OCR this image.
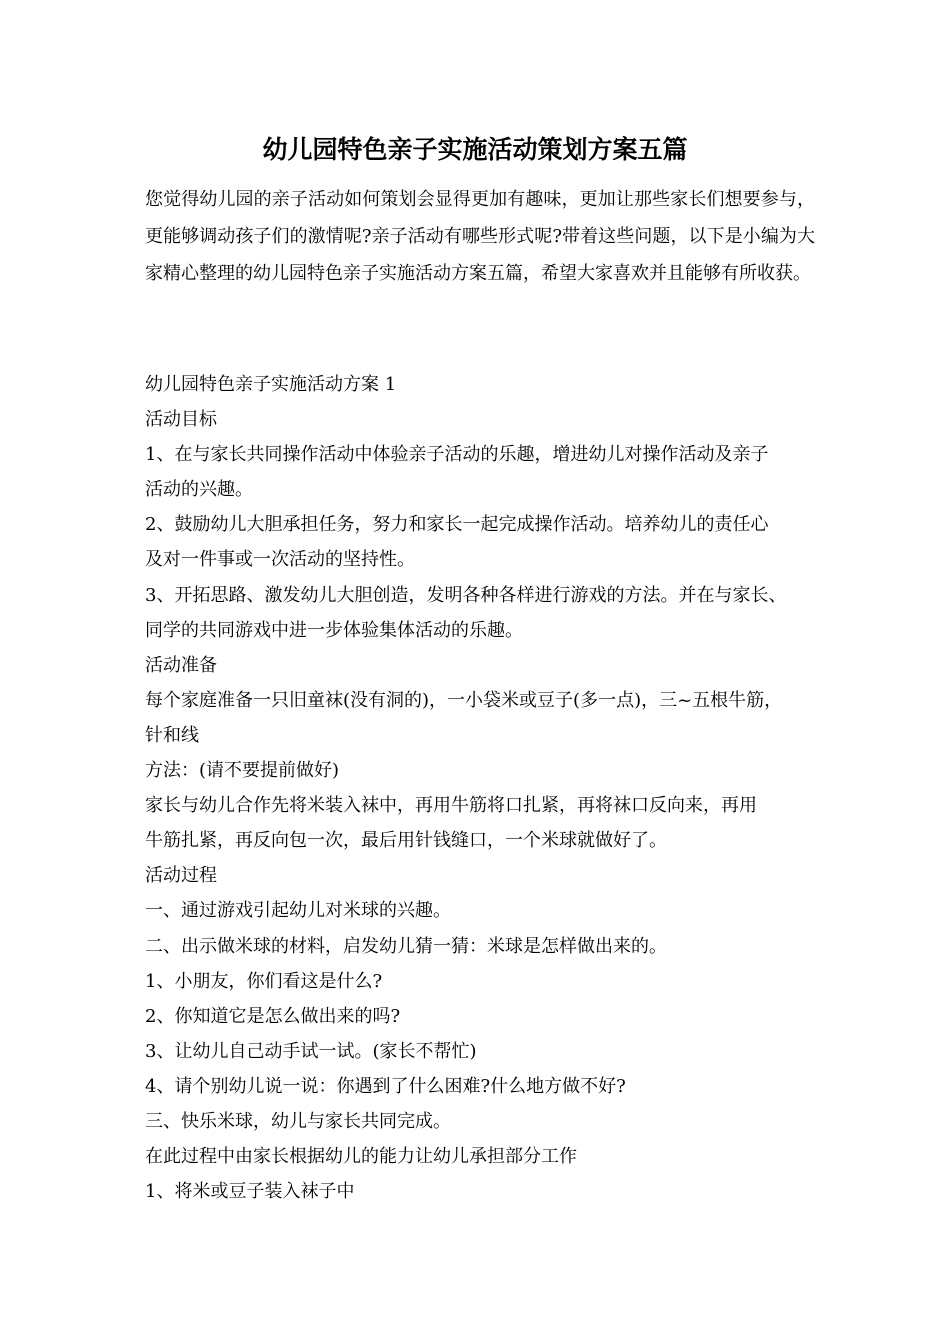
幼儿园特色亲子实施活动策划方案五篇

您觉得幼儿园的亲子活动如何策划会显得更加有趣味，更加让那些家长们想要参与，更能够调动孩子们的激情呢?亲子活动有哪些形式呢?带着这些问题，以下是小编为大家精心整理的幼儿园特色亲子实施活动方案五篇，希望大家喜欢并且能够有所收获。

幼儿园特色亲子实施活动方案 1
活动目标
1、在与家长共同操作活动中体验亲子活动的乐趣，增进幼儿对操作活动及亲子
活动的兴趣。
2、鼓励幼儿大胆承担任务，努力和家长一起完成操作活动。培养幼儿的责任心
及对一件事或一次活动的坚持性。
3、开拓思路、激发幼儿大胆创造，发明各种各样进行游戏的方法。并在与家长、
同学的共同游戏中进一步体验集体活动的乐趣。
活动准备
每个家庭准备一只旧童袜(没有洞的)，一小袋米或豆子(多一点)，三~五根牛筋，
针和线
方法：(请不要提前做好)
家长与幼儿合作先将米装入袜中，再用牛筋将口扎紧，再将袜口反向来，再用
牛筋扎紧，再反向包一次，最后用针钱缝口，一个米球就做好了。
活动过程
一、通过游戏引起幼儿对米球的兴趣。
二、出示做米球的材料，启发幼儿猜一猜：米球是怎样做出来的。
1、小朋友，你们看这是什么?
2、你知道它是怎么做出来的吗?
3、让幼儿自己动手试一试。(家长不帮忙)
4、请个别幼儿说一说：你遇到了什么困难?什么地方做不好?
三、快乐米球，幼儿与家长共同完成。
在此过程中由家长根据幼儿的能力让幼儿承担部分工作
1、将米或豆子装入袜子中
